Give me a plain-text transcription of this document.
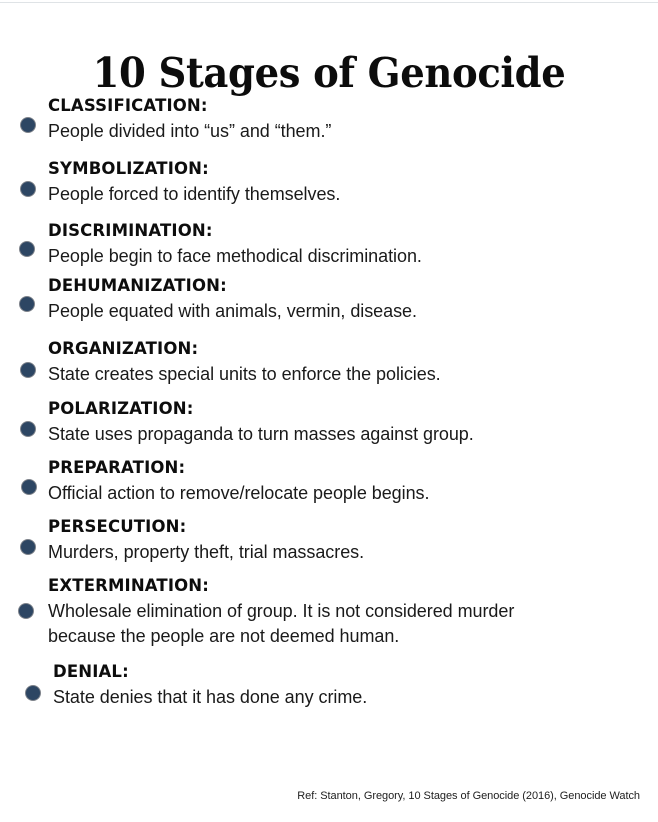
10 Stages of Genocide
CLASSIFICATION:
People divided into “us” and “them.”
SYMBOLIZATION:
People forced to identify themselves.
DISCRIMINATION:
People begin to face methodical discrimination.
DEHUMANIZATION:
People equated with animals, vermin, disease.
ORGANIZATION:
State creates special units to enforce the policies.
POLARIZATION:
State uses propaganda to turn masses against group.
PREPARATION:
Official action to remove/relocate people begins.
PERSECUTION:
Murders, property theft, trial massacres.
EXTERMINATION:
Wholesale elimination of group. It is not considered murder because the people are not deemed human.
DENIAL:
State denies that it has done any crime.
Ref: Stanton, Gregory, 10 Stages of Genocide (2016), Genocide Watch
